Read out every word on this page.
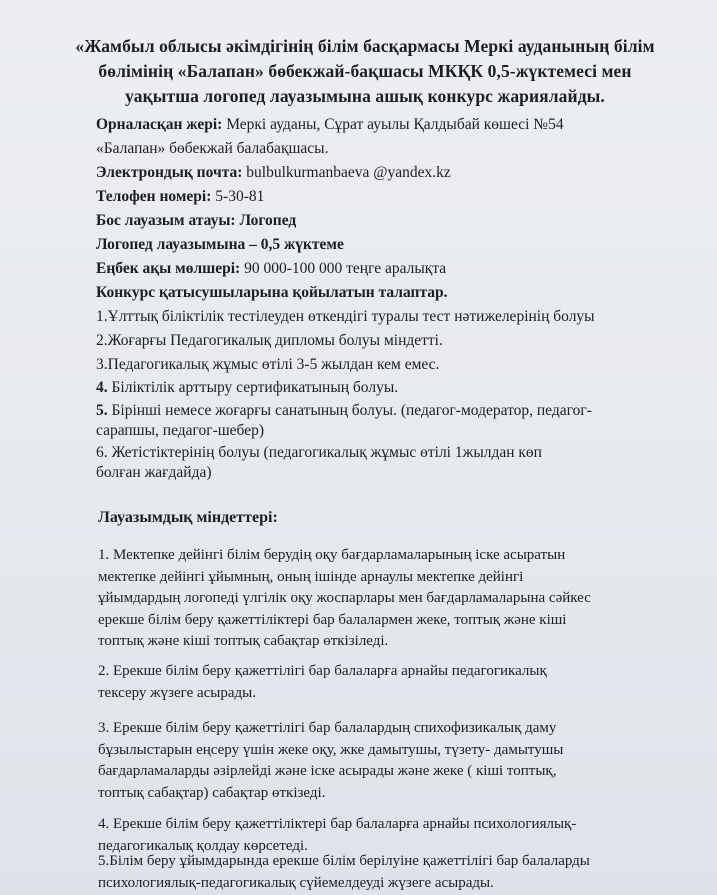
«Жамбыл облысы әкімдігінің білім басқармасы Меркі ауданының білім
бөлімінің «Балапан» бөбекжай-бақшасы МКҚК 0,5-жүктемесі мен
уақытша логопед лауазымына ашық конкурс жариялайды.
Орналасқан жері: Меркі ауданы, Сұрат ауылы Қалдыбай көшесі №54
«Балапан» бөбекжай балабақшасы.
Электрондық почта: bulbulkurmanbaeva @yandex.kz
Телофен номері: 5-30-81
Бос лауазым атауы: Логопед
Логопед лауазымына – 0,5 жүктеме
Еңбек ақы мөлшері: 90 000-100 000 теңге аралықта
Конкурс қатысушыларына қойылатын талаптар.
1.Ұлттық біліктілік тестілеуден өткендігі туралы тест нәтижелерінің болуы
2.Жоғарғы Педагогикалық дипломы болуы міндетті.
3.Педагогикалық жұмыс өтілі 3-5 жылдан кем емес.
4. Біліктілік арттыру сертификатының болуы.
5. Бірінші немесе жоғарғы санатының болуы. (педагог-модератор, педагог-
сарапшы, педагог-шебер)
6. Жетістіктерінің болуы (педагогикалық жұмыс өтілі 1жылдан көп
болған жағдайда)
Лауазымдық міндеттері:
1. Мектепке дейінгі білім берудің оқу бағдарламаларының іске асыратын
мектепке дейінгі ұйымның, оның ішінде арнаулы мектепке дейінгі
ұйымдардың логопеді үлгілік оқу жоспарлары мен бағдарламаларына сәйкес
ерекше білім беру қажеттіліктері бар балалармен жеке, топтық және кіші
топтық және кіші топтық сабақтар өткізіледі.
2. Ерекше білім беру қажеттілігі бар балаларға арнайы педагогикалық
тексеру жүзеге асырады.
3. Ерекше білім беру қажеттілігі бар балалардың спихофизикалық даму
бұзылыстарын еңсеру үшін жеке оқу, жке дамытушы, түзету- дамытушы
бағдарламаларды әзірлейді және іске асырады және жеке ( кіші топтық,
топтық сабақтар) сабақтар өткізеді.
4. Ерекше білім беру қажеттіліктері бар балаларға арнайы психологиялық-
педагогикалық қолдау көрсетеді.
5.Білім беру ұйымдарында ерекше білім берілуіне қажеттілігі бар балаларды
психологиялық-педагогикалық сүйемелдеуді жүзеге асырады.
